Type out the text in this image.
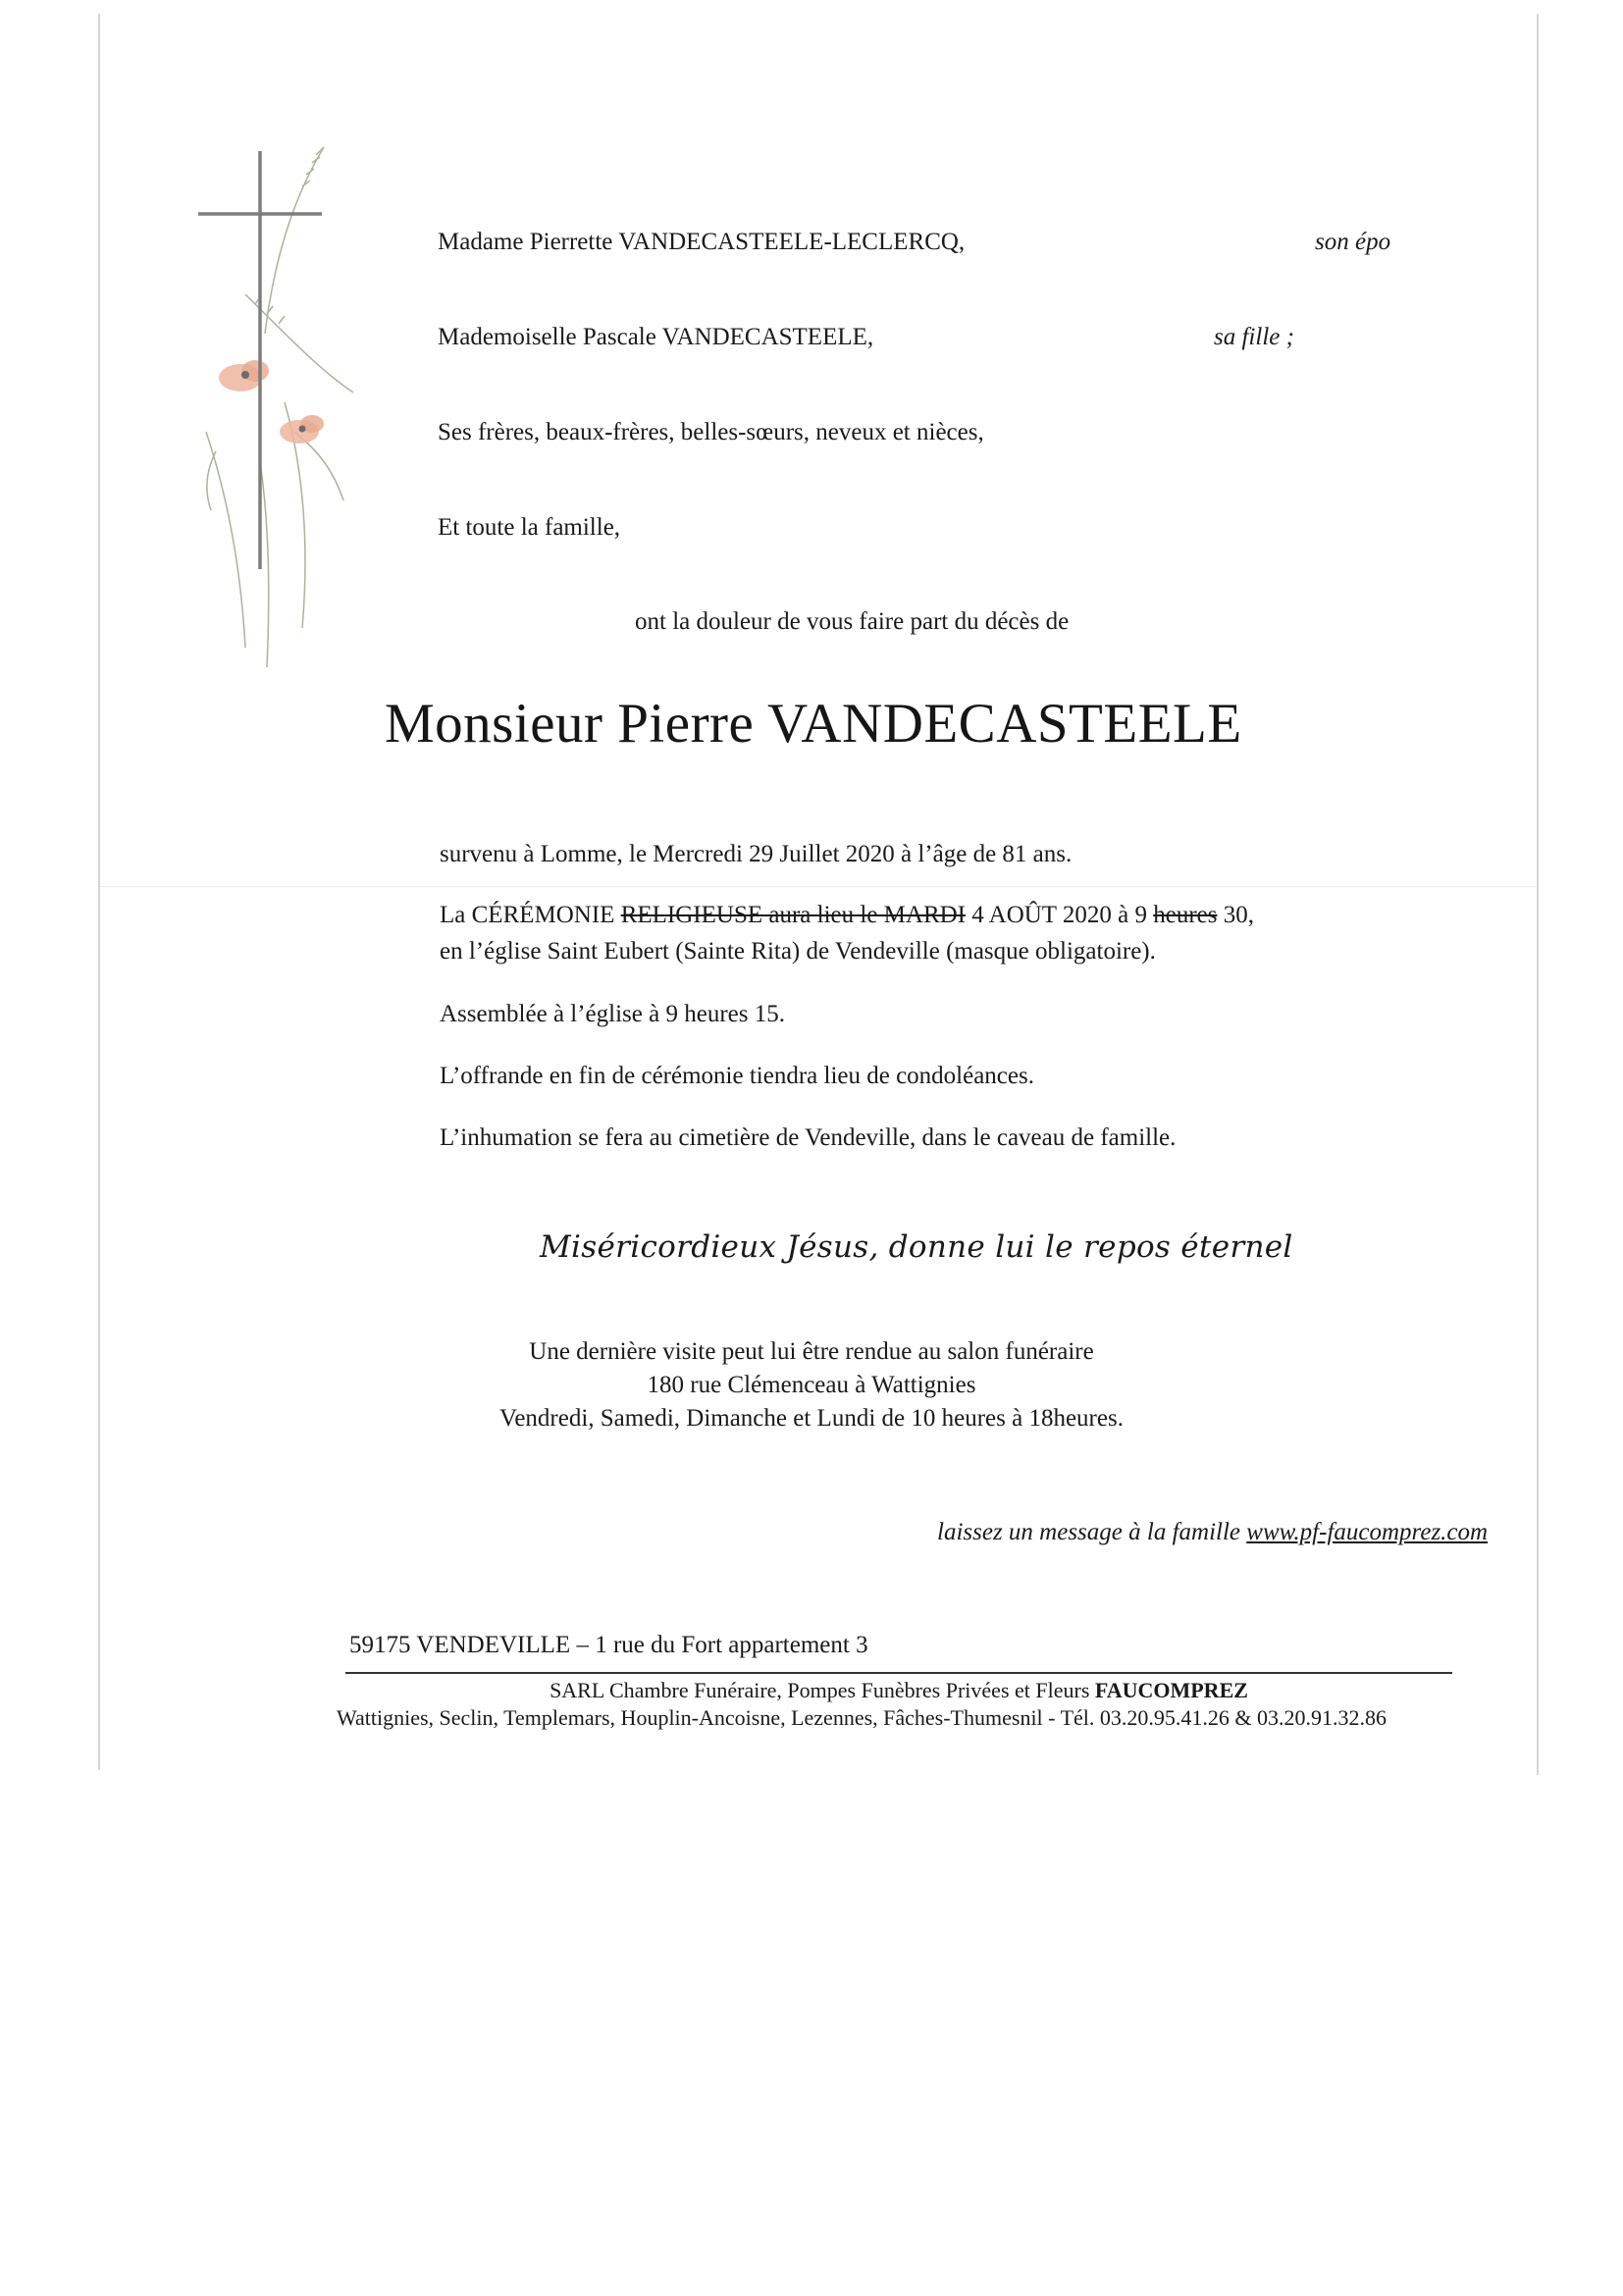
Madame Pierrette VANDECASTEELE-LECLERCQ,	son épo
Mademoiselle Pascale VANDECASTEELE,	sa fille ;
Ses frères, beaux-frères, belles-sœurs, neveux et nièces,
Et toute la famille,
ont la douleur de vous faire part du décès de
Monsieur Pierre VANDECASTEELE
survenu à Lomme, le Mercredi 29 Juillet 2020 à l’âge de 81 ans.
La CÉRÉMONIE RELIGIEUSE aura lieu le MARDI 4 AOÛT 2020 à 9 heures 30,
en l’église Saint Eubert (Sainte Rita) de Vendeville (masque obligatoire).
Assemblée à l’église à 9 heures 15.
L’offrande en fin de cérémonie tiendra lieu de condoléances.
L’inhumation se fera au cimetière de Vendeville, dans le caveau de famille.
Miséricordieux Jésus, donne lui le repos éternel
Une dernière visite peut lui être rendue au salon funéraire
180 rue Clémenceau à Wattignies
Vendredi, Samedi, Dimanche et Lundi de 10 heures à 18heures.
laissez un message à la famille www.pf-faucomprez.com
59175 VENDEVILLE – 1 rue du Fort appartement 3
SARL Chambre Funéraire, Pompes Funèbres Privées et Fleurs FAUCOMPREZ
Wattignies, Seclin, Templemars, Houplin-Ancoisne, Lezennes, Fâches-Thumesnil - Tél. 03.20.95.41.26 & 03.20.91.32.86
